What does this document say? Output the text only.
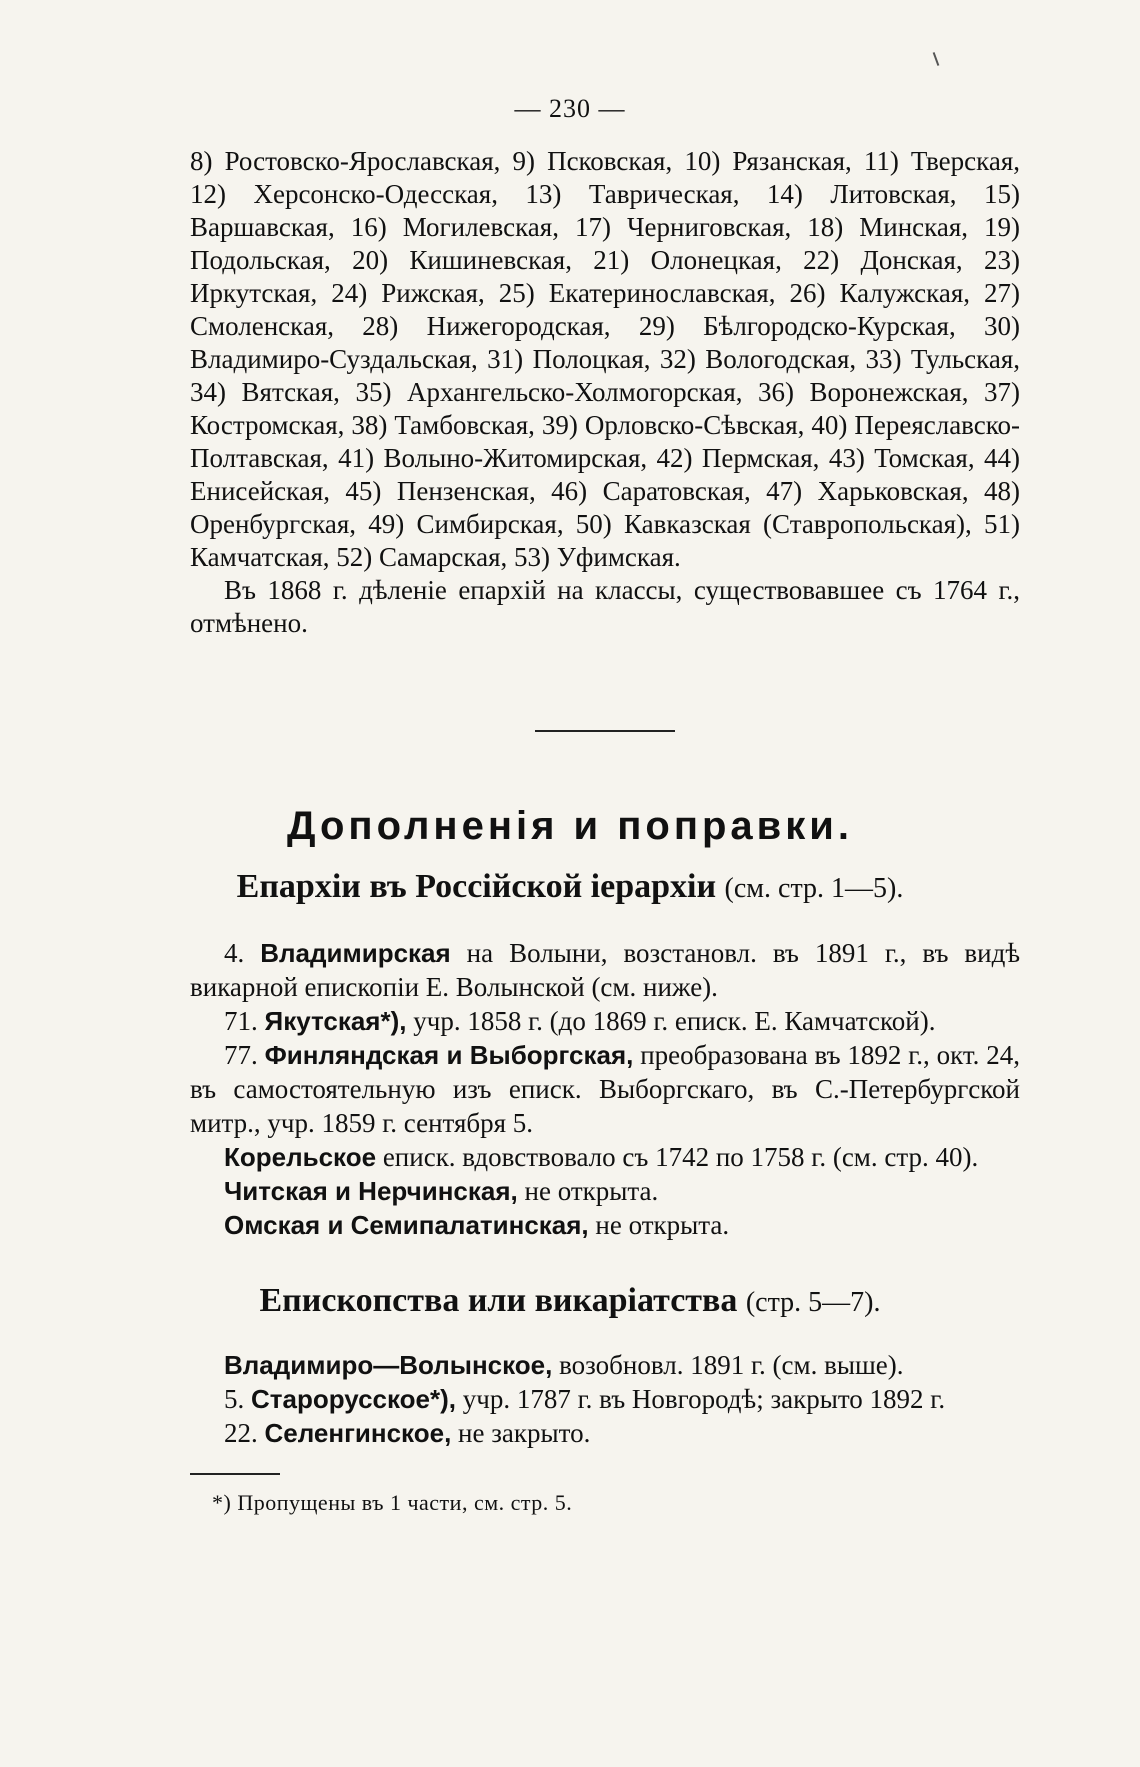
— 230 —

8) Ростовско-Ярославская, 9) Псковская, 10) Рязанская, 11) Тверская, 12) Херсонско-Одесская, 13) Таврическая, 14) Литовская, 15) Варшавская, 16) Могилевская, 17) Черниговская, 18) Минская, 19) Подольская, 20) Кишиневская, 21) Олонецкая, 22) Донская, 23) Иркутская, 24) Рижская, 25) Екатеринославская, 26) Калужская, 27) Смоленская, 28) Нижегородская, 29) Бѣлгородско-Курская, 30) Владимиро-Суздальская, 31) Полоцкая, 32) Вологодская, 33) Тульская, 34) Вятская, 35) Архангельско-Холмогорская, 36) Воронежская, 37) Костромская, 38) Тамбовская, 39) Орловско-Сѣвская, 40) Переяславско-Полтавская, 41) Волыно-Житомирская, 42) Пермская, 43) Томская, 44) Енисейская, 45) Пензенская, 46) Саратовская, 47) Харьковская, 48) Оренбургская, 49) Симбирская, 50) Кавказская (Ставропольская), 51) Камчатская, 52) Самарская, 53) Уфимская.

Въ 1868 г. дѣленіе епархій на классы, существовавшее съ 1764 г., отмѣнено.

Дополненія и поправки.
Епархіи въ Россійской іерархіи (см. стр. 1—5).

4. Владимирская на Волыни, возстановл. въ 1891 г., въ видѣ викарной епископіи Е. Волынской (см. ниже).

71. Якутская*), учр. 1858 г. (до 1869 г. еписк. Е. Камчатской).

77. Финляндская и Выборгская, преобразована въ 1892 г., окт. 24, въ самостоятельную изъ еписк. Выборгскаго, въ С.-Петербургской митр., учр. 1859 г. сентября 5.

Корельское еписк. вдовствовало съ 1742 по 1758 г. (см. стр. 40).

Читская и Нерчинская, не открыта.

Омская и Семипалатинская, не открыта.

Епископства или викаріатства (стр. 5—7).

Владимиро—Волынское, возобновл. 1891 г. (см. выше).

5. Старорусское*), учр. 1787 г. въ Новгородѣ; закрыто 1892 г.

22. Селенгинское, не закрыто.

*) Пропущены въ 1 части, см. стр. 5.
